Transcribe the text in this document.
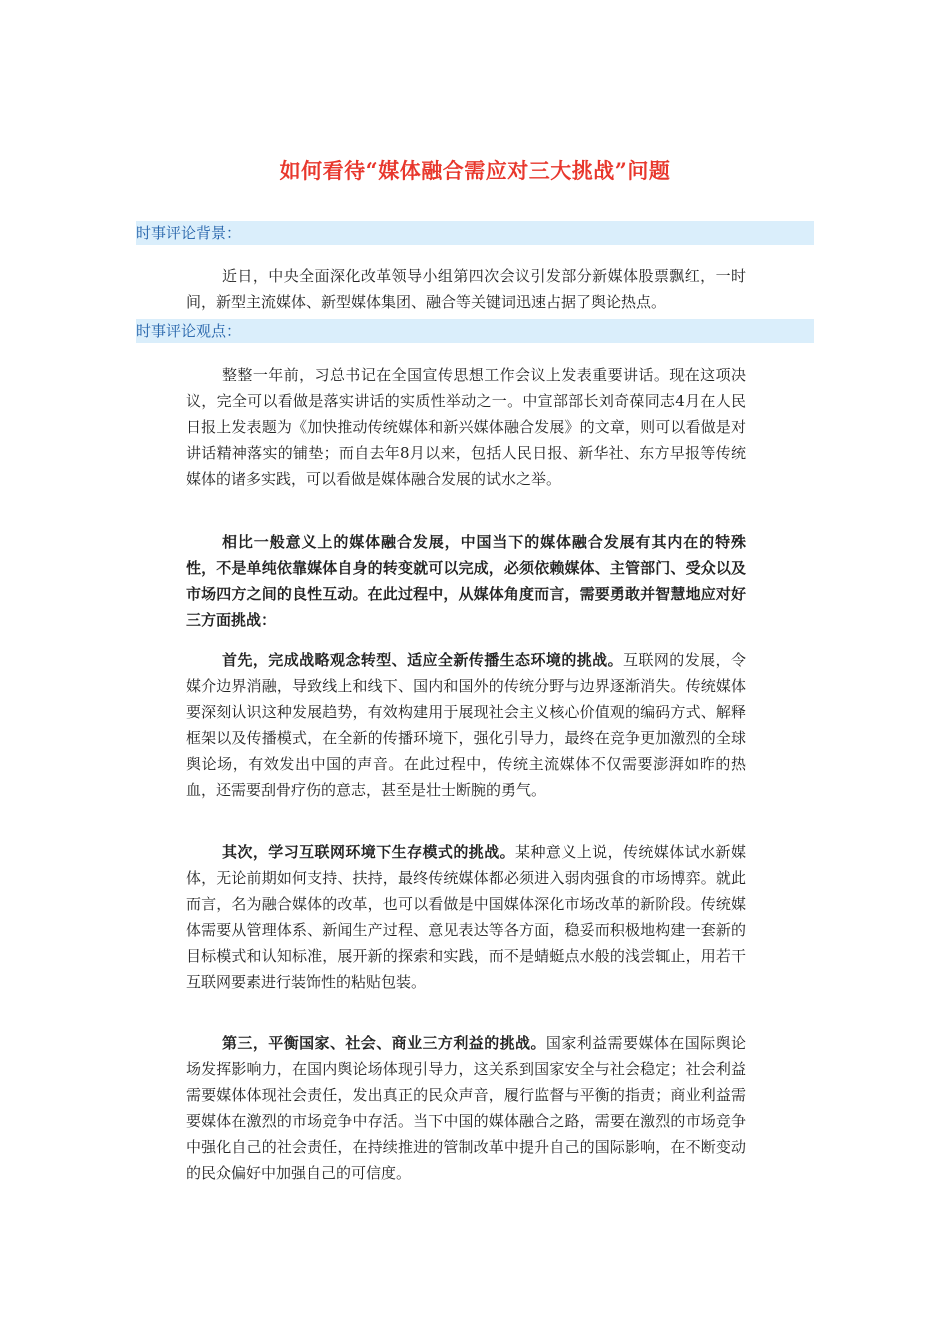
如何看待“媒体融合需应对三大挑战”问题
时事评论背景：
近日，中央全面深化改革领导小组第四次会议引发部分新媒体股票飘红，一时间，新型主流媒体、新型媒体集团、融合等关键词迅速占据了舆论热点。
时事评论观点：
整整一年前，习总书记在全国宣传思想工作会议上发表重要讲话。现在这项决议，完全可以看做是落实讲话的实质性举动之一。中宣部部长刘奇葆同志4月在人民日报上发表题为《加快推动传统媒体和新兴媒体融合发展》的文章，则可以看做是对讲话精神落实的铺垫；而自去年8月以来，包括人民日报、新华社、东方早报等传统媒体的诸多实践，可以看做是媒体融合发展的试水之举。
相比一般意义上的媒体融合发展，中国当下的媒体融合发展有其内在的特殊性，不是单纯依靠媒体自身的转变就可以完成，必须依赖媒体、主管部门、受众以及市场四方之间的良性互动。在此过程中，从媒体角度而言，需要勇敢并智慧地应对好三方面挑战：
首先，完成战略观念转型、适应全新传播生态环境的挑战。互联网的发展，令媒介边界消融，导致线上和线下、国内和国外的传统分野与边界逐渐消失。传统媒体要深刻认识这种发展趋势，有效构建用于展现社会主义核心价值观的编码方式、解释框架以及传播模式，在全新的传播环境下，强化引导力，最终在竞争更加激烈的全球舆论场，有效发出中国的声音。在此过程中，传统主流媒体不仅需要澎湃如昨的热血，还需要刮骨疗伤的意志，甚至是壮士断腕的勇气。
其次，学习互联网环境下生存模式的挑战。某种意义上说，传统媒体试水新媒体，无论前期如何支持、扶持，最终传统媒体都必须进入弱肉强食的市场博弈。就此而言，名为融合媒体的改革，也可以看做是中国媒体深化市场改革的新阶段。传统媒体需要从管理体系、新闻生产过程、意见表达等各方面，稳妥而积极地构建一套新的目标模式和认知标准，展开新的探索和实践，而不是蜻蜓点水般的浅尝辄止，用若干互联网要素进行装饰性的粘贴包装。
第三，平衡国家、社会、商业三方利益的挑战。国家利益需要媒体在国际舆论场发挥影响力，在国内舆论场体现引导力，这关系到国家安全与社会稳定；社会利益需要媒体体现社会责任，发出真正的民众声音，履行监督与平衡的指责；商业利益需要媒体在激烈的市场竞争中存活。当下中国的媒体融合之路，需要在激烈的市场竞争中强化自己的社会责任，在持续推进的管制改革中提升自己的国际影响，在不断变动的民众偏好中加强自己的可信度。
